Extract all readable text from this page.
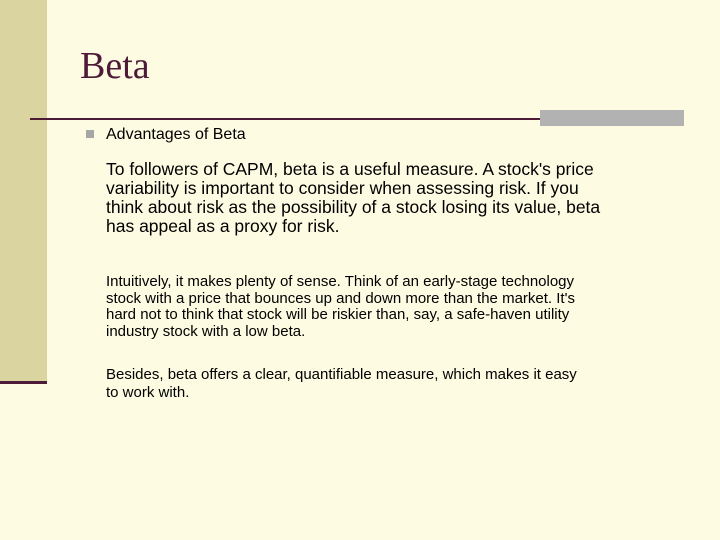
Beta

Advantages of Beta

To followers of CAPM, beta is a useful measure. A stock's price
variability is important to consider when assessing risk. If you
think about risk as the possibility of a stock losing its value, beta
has appeal as a proxy for risk.

Intuitively, it makes plenty of sense. Think of an early-stage technology
stock with a price that bounces up and down more than the market. It's
hard not to think that stock will be riskier than, say, a safe-haven utility
industry stock with a low beta.

Besides, beta offers a clear, quantifiable measure, which makes it easy
to work with.
